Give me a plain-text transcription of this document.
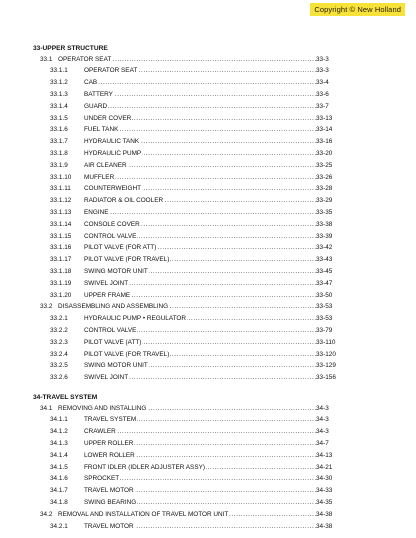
Copyright © New Holland
33-UPPER STRUCTURE
33.1 OPERATOR SEAT .....	33-3
33.1.1	OPERATOR SEAT .....	33-3
33.1.2	CAB .....	33-4
33.1.3	BATTERY .....	33-6
33.1.4	GUARD .....	33-7
33.1.5	UNDER COVER .....	33-13
33.1.6	FUEL TANK .....	33-14
33.1.7	HYDRAULIC TANK .....	33-16
33.1.8	HYDRAULIC PUMP .....	33-20
33.1.9	AIR CLEANER .....	33-25
33.1.10 MUFFLER .....	33-26
33.1.11 COUNTERWEIGHT .....	33-28
33.1.12 RADIATOR & OIL COOLER .....	33-29
33.1.13 ENGINE .....	33-35
33.1.14 CONSOLE COVER .....	33-38
33.1.15 CONTROL VALVE .....	33-39
33.1.16 PILOT VALVE (FOR ATT) .....	33-42
33.1.17 PILOT VALVE (FOR TRAVEL) .....	33-43
33.1.18 SWING MOTOR UNIT .....	33-45
33.1.19 SWIVEL JOINT .....	33-47
33.1.20 UPPER FRAME .....	33-50
33.2 DISASSEMBLING AND ASSEMBLING .....	33-53
33.2.1	HYDRAULIC PUMP • REGULATOR .....	33-53
33.2.2	CONTROL VALVE .....	33-79
33.2.3	PILOT VALVE (ATT) .....	33-110
33.2.4	PILOT VALVE (FOR TRAVEL) .....	33-120
33.2.5	SWING MOTOR UNIT .....	33-129
33.2.6	SWIVEL JOINT .....	33-156
34-TRAVEL SYSTEM
34.1 REMOVING AND INSTALLING .....	34-3
34.1.1	TRAVEL SYSTEM .....	34-3
34.1.2	CRAWLER .....	34-3
34.1.3	UPPER ROLLER .....	34-7
34.1.4	LOWER ROLLER .....	34-13
34.1.5	FRONT IDLER (IDLER ADJUSTER ASSY) .....	34-21
34.1.6	SPROCKET .....	34-30
34.1.7	TRAVEL MOTOR .....	34-33
34.1.8	SWING BEARING .....	34-35
34.2 REMOVAL AND INSTALLATION OF TRAVEL MOTOR UNIT .....	34-38
34.2.1	TRAVEL MOTOR .....	34-38
